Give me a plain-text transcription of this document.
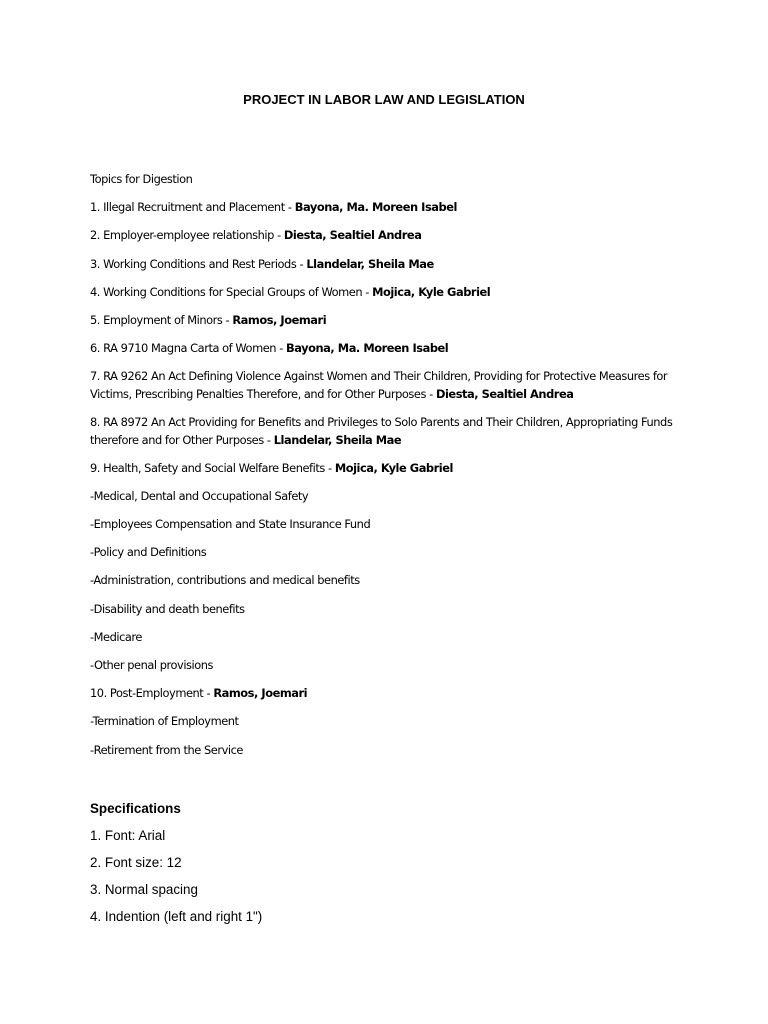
PROJECT IN LABOR LAW AND LEGISLATION

Topics for Digestion

1. Illegal Recruitment and Placement - Bayona, Ma. Moreen Isabel

2. Employer-employee relationship - Diesta, Sealtiel Andrea

3. Working Conditions and Rest Periods - Llandelar, Sheila Mae

4. Working Conditions for Special Groups of Women - Mojica, Kyle Gabriel

5. Employment of Minors - Ramos, Joemari

6. RA 9710 Magna Carta of Women - Bayona, Ma. Moreen Isabel

7. RA 9262 An Act Defining Violence Against Women and Their Children, Providing for Protective Measures for Victims, Prescribing Penalties Therefore, and for Other Purposes - Diesta, Sealtiel Andrea

8. RA 8972 An Act Providing for Benefits and Privileges to Solo Parents and Their Children, Appropriating Funds therefore and for Other Purposes - Llandelar, Sheila Mae

9. Health, Safety and Social Welfare Benefits - Mojica, Kyle Gabriel

-Medical, Dental and Occupational Safety

-Employees Compensation and State Insurance Fund

-Policy and Definitions

-Administration, contributions and medical benefits

-Disability and death benefits

-Medicare

-Other penal provisions

10. Post-Employment - Ramos, Joemari

-Termination of Employment

-Retirement from the Service

Specifications

1. Font: Arial

2. Font size: 12

3. Normal spacing

4. Indention (left and right 1")
